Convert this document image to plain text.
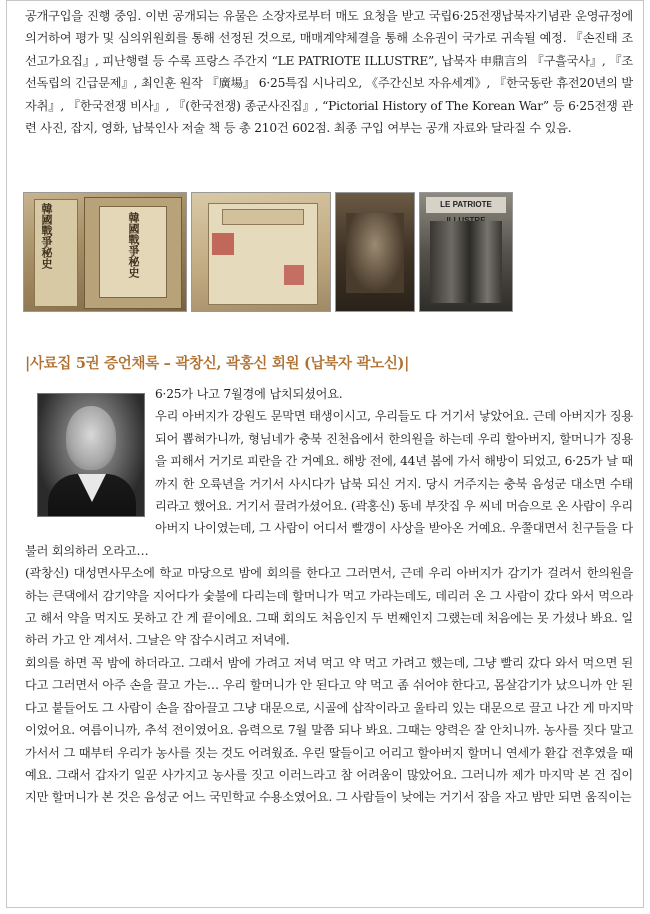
공개구입을 진행 중임. 이번 공개되는 유물은 소장자로부터 매도 요청을 받고 국립6·25전쟁납북자기념관 운영규정에 의거하여 평가 및 심의위원회를 통해 선정된 것으로, 매매계약체결을 통해 소유권이 국가로 귀속될 예정. 『손진태 조선고가요집』, 피난행렬 등 수록 프랑스 주간지 “LE PATRIOTE ILLUSTRE”, 납북자 申鼎言의 『구흘국사』, 『조선독립의 긴급문제』, 최인훈 원작 『廣場』 6·25특집 시나리오, 《주간신보 자유세계》, 『한국동란 휴전20년의 발자취』, 『한국전쟁 비사』, 『(한국전쟁) 종군사진집』, “Pictorial History of The Korean War” 등 6·25전쟁 관련 사진, 잡지, 영화, 납북인사 저술 책 등 총 210건 602점. 최종 구입 여부는 공개 자료와 달라질 수 있음.

韓國戰爭秘史	韓國戰爭秘史
LE PATRIOTE
|사료집 5권 증언채록 – 곽창신, 곽홍신 회원 (납북자 곽노신)|

6·25가 나고 7월경에 납치되셨어요.

우리 아버지가 강원도 문막면 태생이시고, 우리들도 다 거기서 낳았어요. 근데 아버지가 징용되어 뽑혀가니까, 형님네가 충북 진천읍에서 한의원을 하는데 우리 할아버지, 할머니가 징용을 피해서 거기로 피란을 간 거예요. 해방 전에, 44년 봄에 가서 해방이 되었고, 6·25가 날 때까지 한 오륙년을 거기서 사시다가 납북 되신 거지. 당시 거주지는 충북 음성군 대소면 수태리라고 했어요. 거기서 끌려가셨어요. (곽홍신) 동네 부잣집 우 씨네 머슴으로 온 사람이 우리 아버지 나이였는데, 그 사람이 어디서 빨갱이 사상을 받아온 거예요. 우쭐대면서 친구들을 다

불러 회의하러 오라고…

(곽창신) 대성면사무소에 학교 마당으로 밤에 회의를 한다고 그러면서, 근데 우리 아버지가 감기가 걸려서 한의원을 하는 큰댁에서 감기약을 지어다가 숯불에 다리는데 할머니가 먹고 가라는데도, 데리러 온 그 사람이 갔다 와서 먹으라고 해서 약을 먹지도 못하고 간 게 끝이에요. 그때 회의도 처음인지 두 번째인지 그랬는데 처음에는 못 가셨나 봐요. 일 하러 가고 안 계셔서. 그날은 약 잡수시려고 저녁에.

회의를 하면 꼭 밤에 하더라고. 그래서 밤에 가려고 저녁 먹고 약 먹고 가려고 했는데, 그냥 빨리 갔다 와서 먹으면 된다고 그러면서 아주 손을 끌고 가는… 우리 할머니가 안 된다고 약 먹고 좀 쉬어야 한다고, 몸살감기가 났으니까 안 된다고 붙들어도 그 사람이 손을 잡아끌고 그냥 대문으로, 시골에 삽작이라고 울타리 있는 대문으로 끌고 나간 게 마지막이었어요. 여름이니까, 추석 전이였어요. 음력으로 7월 말쯤 되나 봐요. 그때는 양력은 잘 안치니까. 농사를 짓다 말고 가서서 그 때부터 우리가 농사를 짓는 것도 어려웠죠. 우린 딸들이고 어리고 할아버지 할머니 연세가 환갑 전후였을 때예요. 그래서 갑자기 일꾼 사가지고 농사를 짓고 이러느라고 참 어려움이 많았어요. 그러니까 제가 마지막 본 건 집이지만 할머니가 본 것은 음성군 어느 국민학교 수용소였어요. 그 사람들이 낮에는 거기서 잠을 자고 밤만 되면 움직이는
